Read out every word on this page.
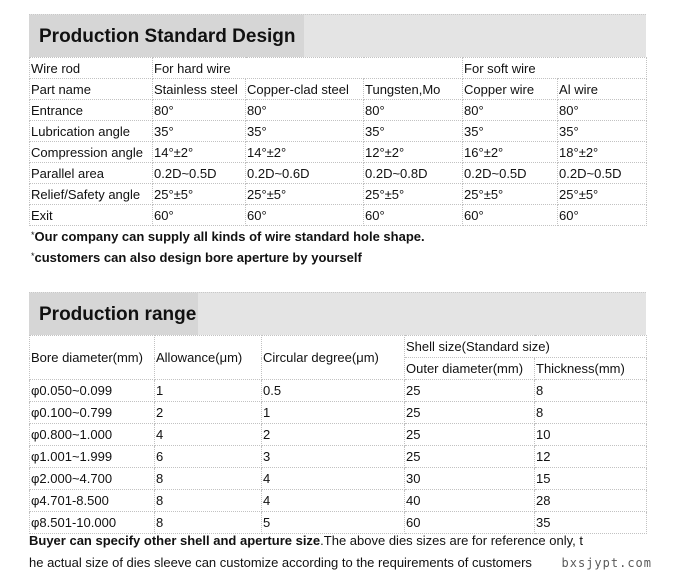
Production Standard Design
Wire rod	For hard wire			For soft wire	
Part name	Stainless steel	Copper-clad steel	Tungsten,Mo	Copper wire	Al wire
Entrance	80°	80°	80°	80°	80°
Lubrication angle	35°	35°	35°	35°	35°
Compression angle	14°±2°	14°±2°	12°±2°	16°±2°	18°±2°
Parallel area	0.2D~0.5D	0.2D~0.6D	0.2D~0.8D	0.2D~0.5D	0.2D~0.5D
Relief/Safety angle	25°±5°	25°±5°	25°±5°	25°±5°	25°±5°
Exit	60°	60°	60°	60°	60°
*Our company can supply all kinds of wire standard hole shape.
*customers can also design bore aperture by yourself
Production range
Bore diameter(mm)	Allowance(μm)	Circular degree(μm)	Shell size(Standard size)	
			Outer diameter(mm)	Thickness(mm)
φ0.050~0.099	1	0.5	25	8
φ0.100~0.799	2	1	25	8
φ0.800~1.000	4	2	25	10
φ1.001~1.999	6	3	25	12
φ2.000~4.700	8	4	30	15
φ4.701-8.500	8	4	40	28
φ8.501-10.000	8	5	60	35
Buyer can specify other shell and aperture size.The above dies sizes are for reference only, t
he actual size of dies sleeve can customize according to the requirements of customers	bxsjypt.com
